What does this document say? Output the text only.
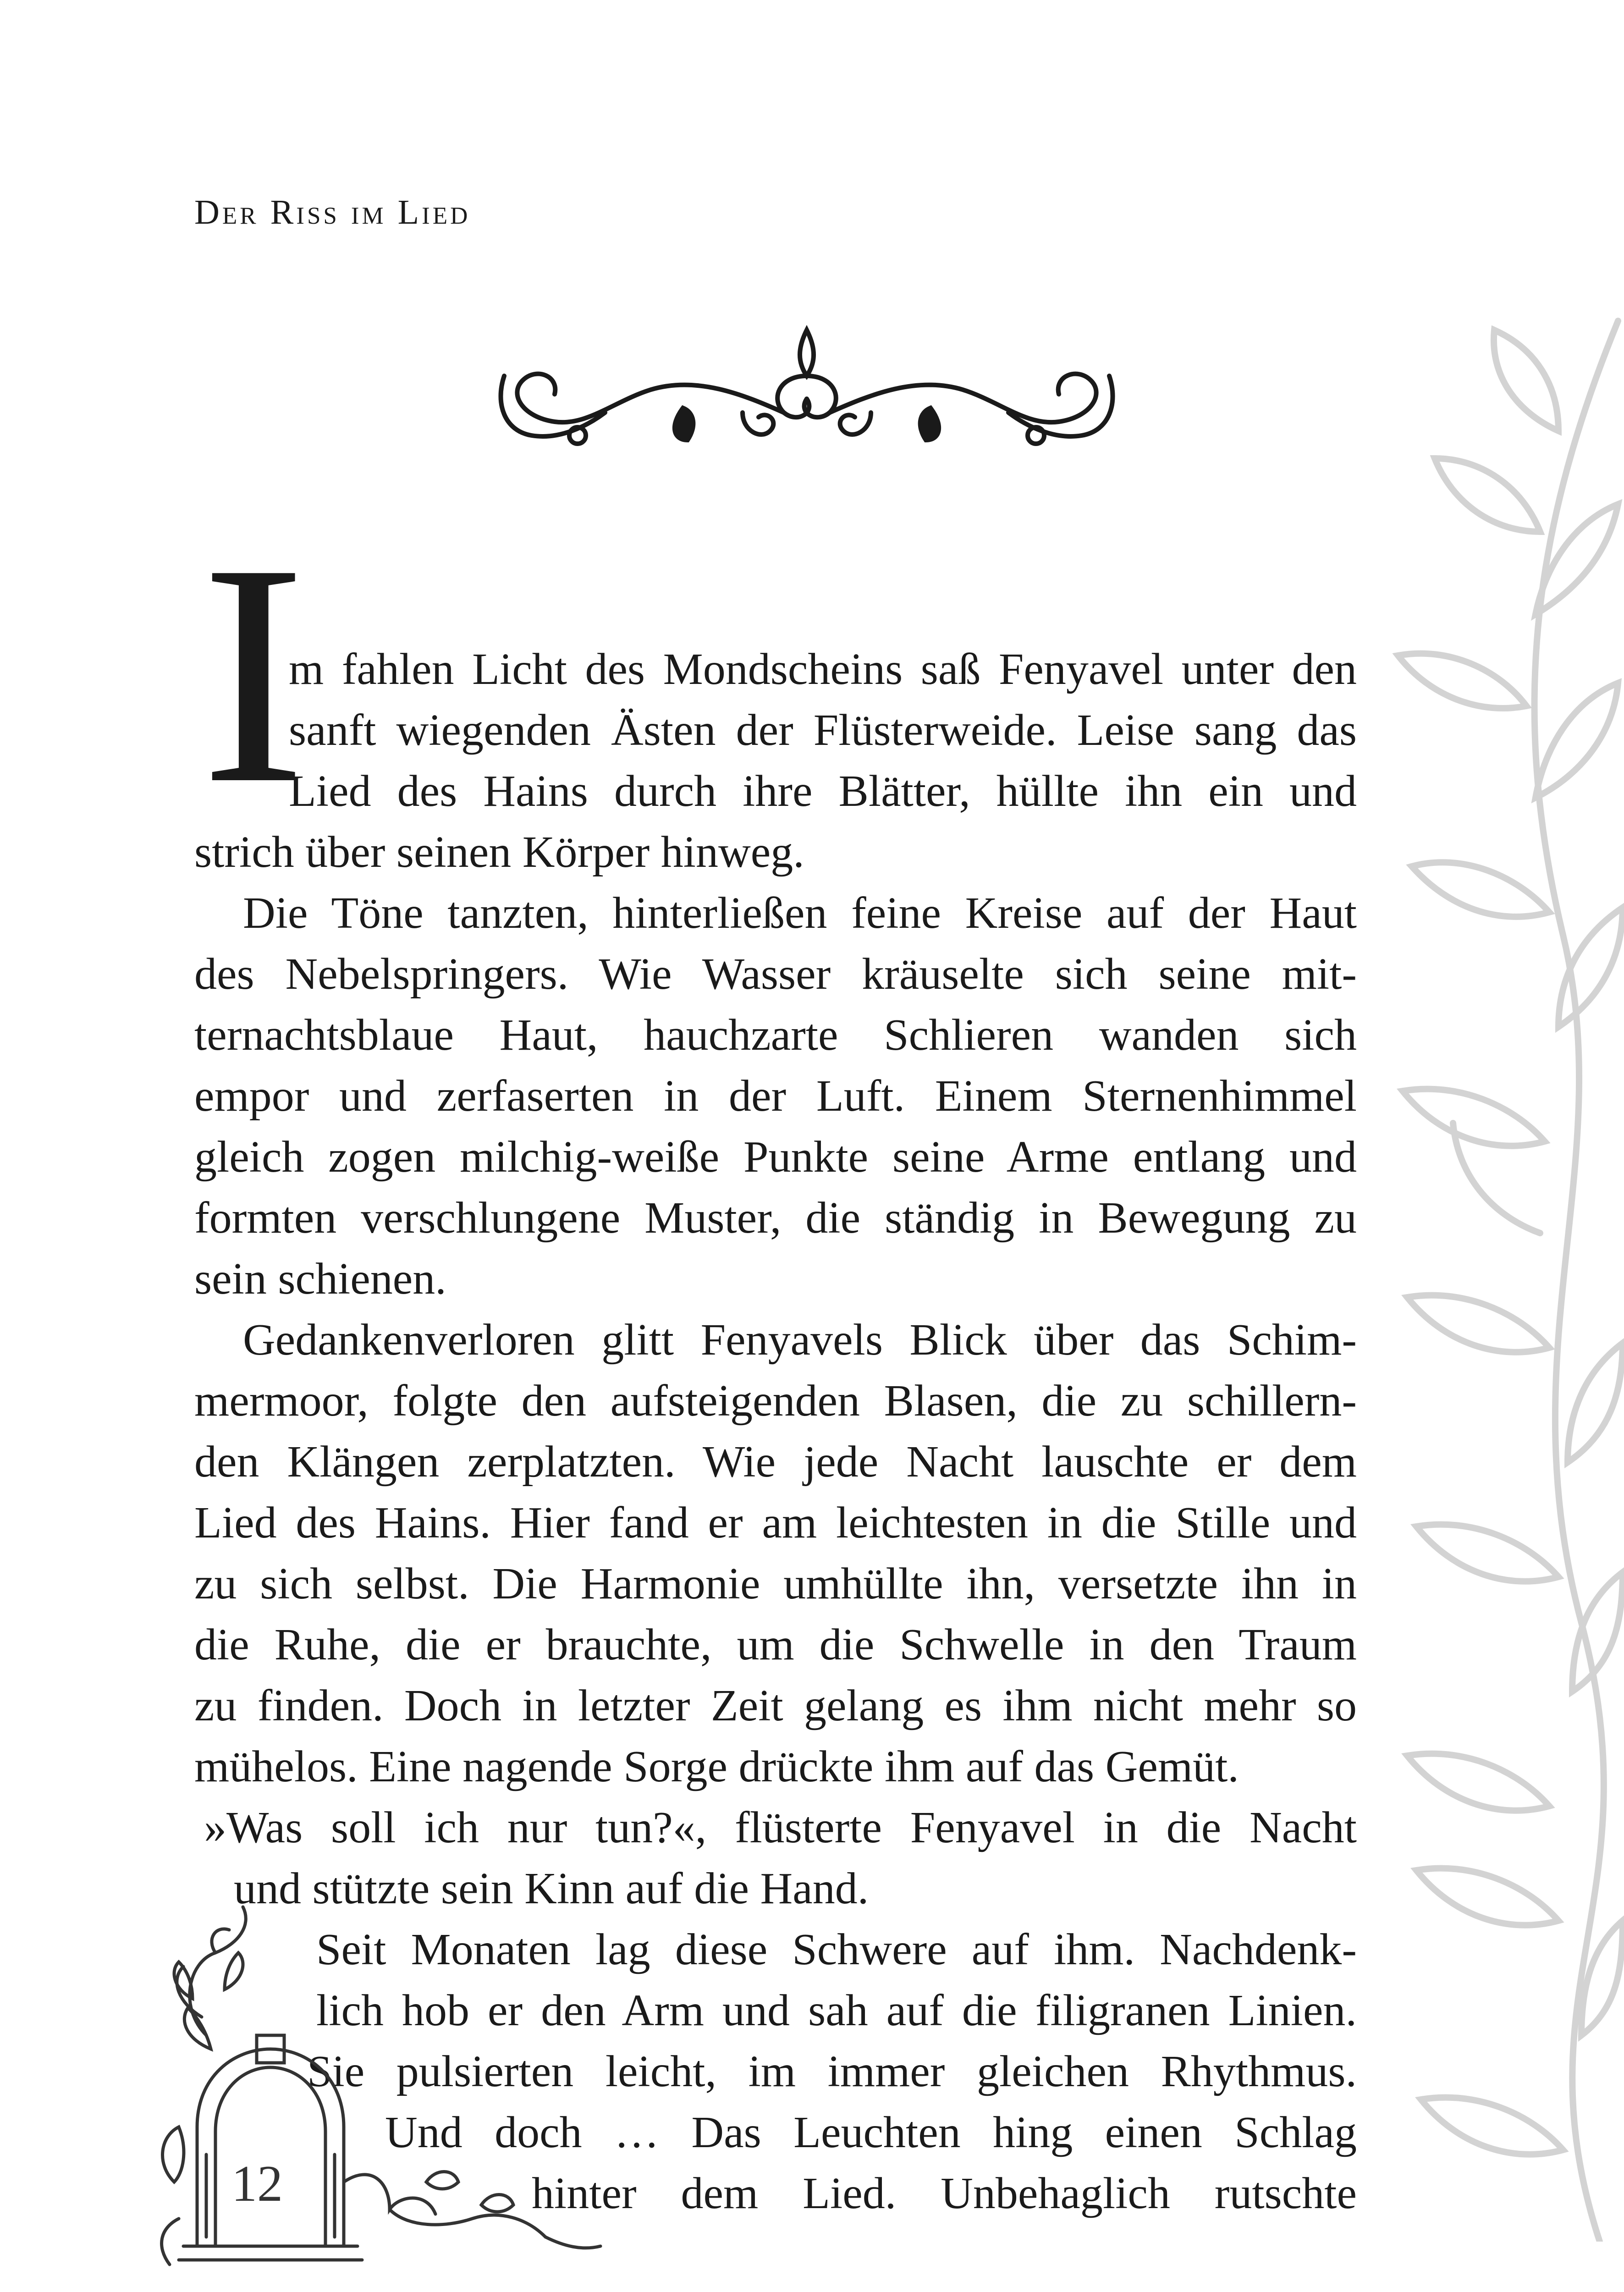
Der Riss im Lied
I
m fahlen Licht des Mondscheins saß Fenyavel unter den
sanft wiegenden Ästen der Flüsterweide. Leise sang das
Lied des Hains durch ihre Blätter, hüllte ihn ein und
strich über seinen Körper hinweg.
Die Töne tanzten, hinterließen feine Kreise auf der Haut
des Nebelspringers. Wie Wasser kräuselte sich seine mit-
ternachtsblaue Haut, hauchzarte Schlieren wanden sich
empor und zerfaserten in der Luft. Einem Sternenhimmel
gleich zogen milchig-weiße Punkte seine Arme entlang und
formten verschlungene Muster, die ständig in Bewegung zu
sein schienen.
Gedankenverloren glitt Fenyavels Blick über das Schim-
mermoor, folgte den aufsteigenden Blasen, die zu schillern-
den Klängen zerplatzten. Wie jede Nacht lauschte er dem
Lied des Hains. Hier fand er am leichtesten in die Stille und
zu sich selbst. Die Harmonie umhüllte ihn, versetzte ihn in
die Ruhe, die er brauchte, um die Schwelle in den Traum
zu finden. Doch in letzter Zeit gelang es ihm nicht mehr so
mühelos. Eine nagende Sorge drückte ihm auf das Gemüt.
»Was soll ich nur tun?«, flüsterte Fenyavel in die Nacht
und stützte sein Kinn auf die Hand.
Seit Monaten lag diese Schwere auf ihm. Nachdenk-
lich hob er den Arm und sah auf die filigranen Linien.
Sie pulsierten leicht, im immer gleichen Rhythmus.
Und doch … Das Leuchten hing einen Schlag
hinter dem Lied. Unbehaglich rutschte
12
